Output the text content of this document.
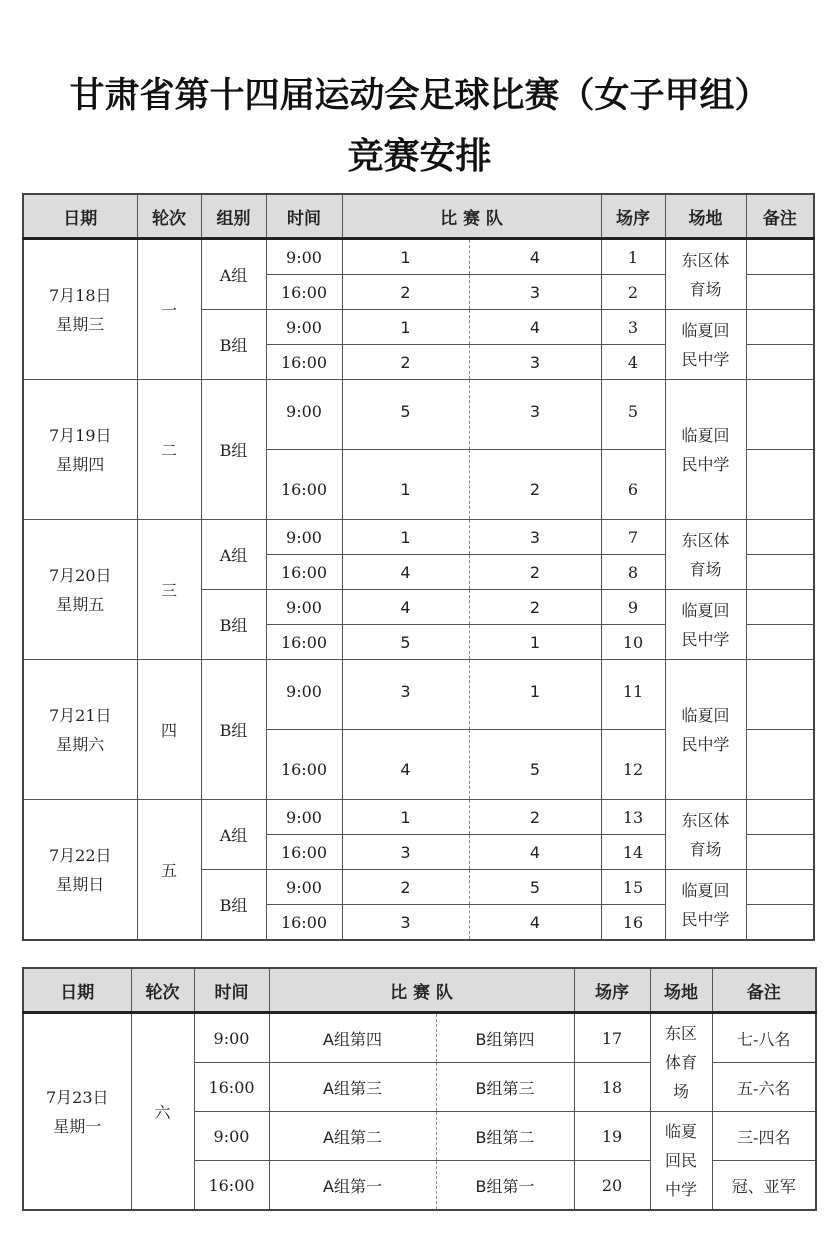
甘肃省第十四届运动会足球比赛（女子甲组）
竞赛安排
日期	轮次	组别	时间	比 赛 队		场序	场地	备注

7月18日
星期三	一	A组	9:00	1	4	1	东区体育场	

			16:00	2	3	2		
		B组	9:00	1	4	3	临夏回民中学	

			16:00	2	3	4		

7月19日
星期四	二	B组	9:00	5	3	5	临夏回民中学	

			16:00	1	2	6		

7月20日
星期五	三	A组	9:00	1	3	7	东区体育场	

			16:00	4	2	8		
		B组	9:00	4	2	9	临夏回民中学	

			16:00	5	1	10		

7月21日
星期六	四	B组	9:00	3	1	11	临夏回民中学	

			16:00	4	5	12		

7月22日
星期日	五	A组	9:00	1	2	13	东区体育场	

			16:00	3	4	14		
		B组	9:00	2	5	15	临夏回民中学	

			16:00	3	4	16		
日期	轮次	时间	比 赛 队		场序	场地	备注

7月23日
星期一	六	9:00	A组第四	B组第四	17	东区体育场	七-八名
		16:00	A组第三	B组第三	18		五-六名
		9:00	A组第二	B组第二	19	临夏回民中学	三-四名
		16:00	A组第一	B组第一	20		冠、亚军
